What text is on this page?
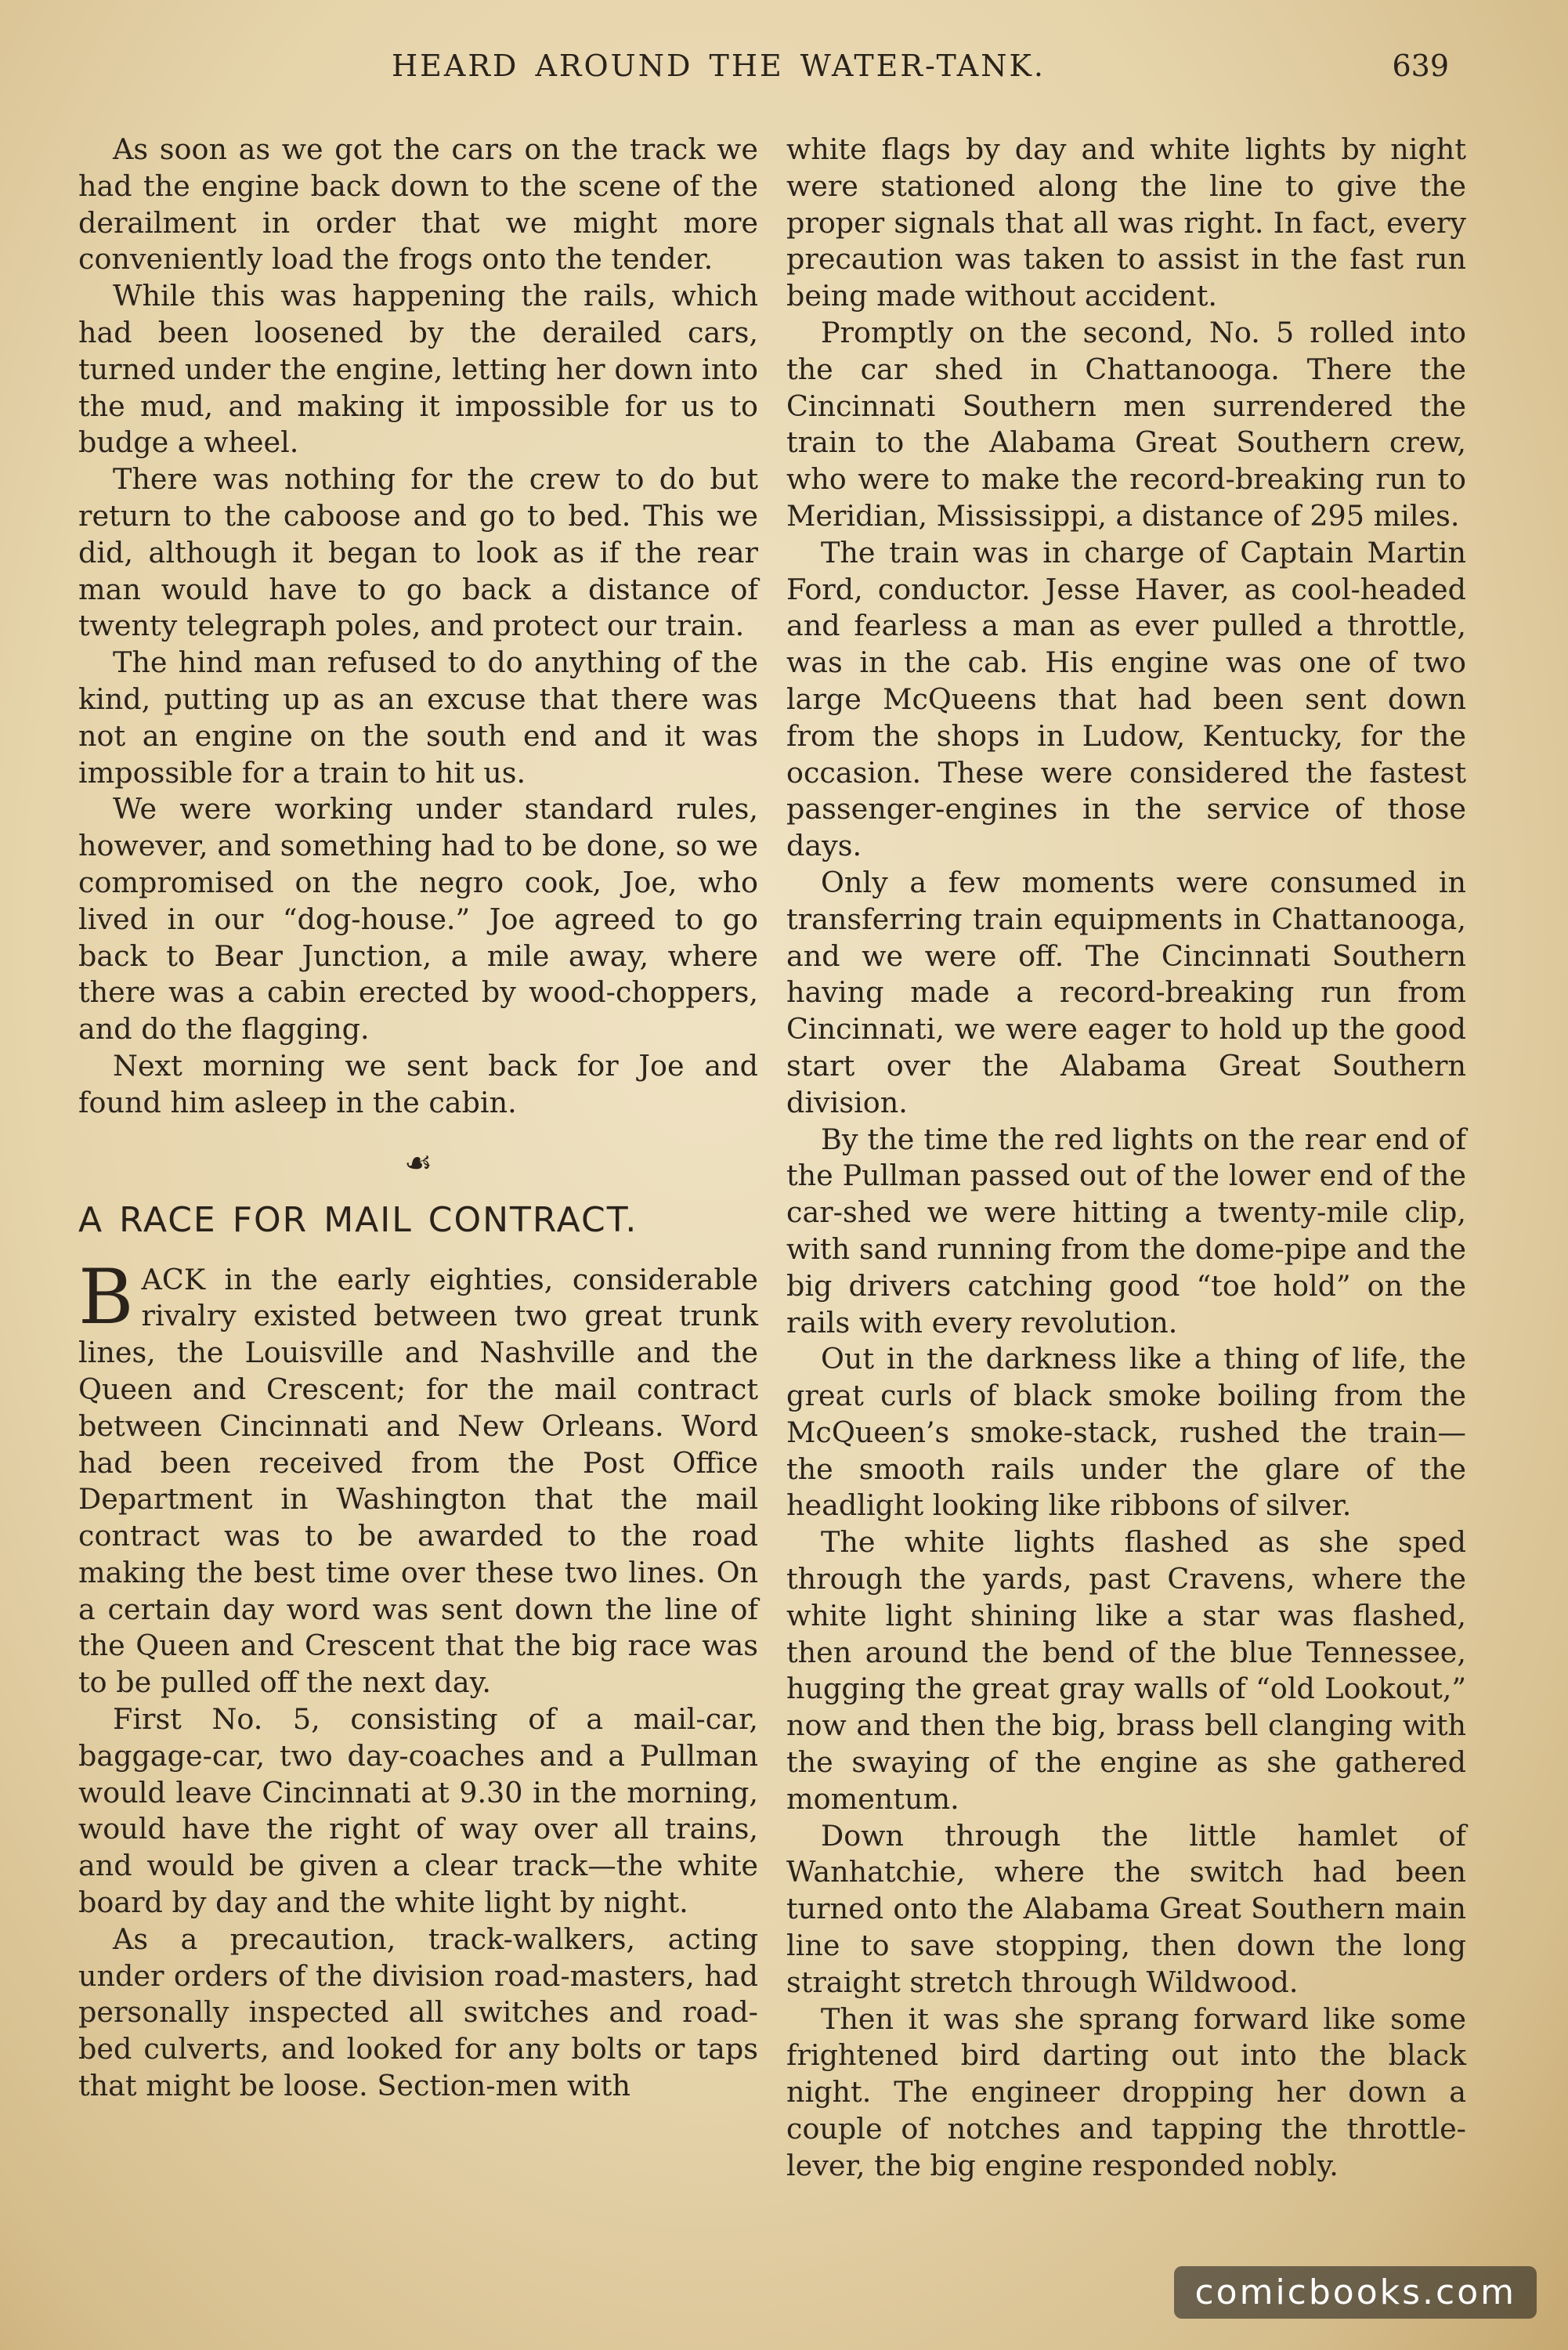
HEARD AROUND THE WATER-TANK.	639

As soon as we got the cars on the track we had the engine back down to the scene of the derailment in order that we might more conveniently load the frogs onto the tender.

While this was happening the rails, which had been loosened by the derailed cars, turned under the engine, letting her down into the mud, and making it impossible for us to budge a wheel.

There was nothing for the crew to do but return to the caboose and go to bed. This we did, although it began to look as if the rear man would have to go back a distance of twenty telegraph poles, and protect our train.

The hind man refused to do anything of the kind, putting up as an excuse that there was not an engine on the south end and it was impossible for a train to hit us.

We were working under standard rules, however, and something had to be done, so we compromised on the negro cook, Joe, who lived in our “dog-house.” Joe agreed to go back to Bear Junction, a mile away, where there was a cabin erected by wood-choppers, and do the flagging.

Next morning we sent back for Joe and found him asleep in the cabin.

☙
A RACE FOR MAIL CONTRACT.

BACK in the early eighties, considerable rivalry existed between two great trunk lines, the Louisville and Nashville and the Queen and Crescent; for the mail contract between Cincinnati and New Orleans. Word had been received from the Post Office Department in Washington that the mail contract was to be awarded to the road making the best time over these two lines. On a certain day word was sent down the line of the Queen and Crescent that the big race was to be pulled off the next day.

First No. 5, consisting of a mail-car, baggage-car, two day-coaches and a Pullman would leave Cincinnati at 9.30 in the morning, would have the right of way over all trains, and would be given a clear track—the white board by day and the white light by night.

As a precaution, track-walkers, acting under orders of the division road-masters, had personally inspected all switches and road-bed culverts, and looked for any bolts or taps that might be loose. Section-men with

white flags by day and white lights by night were stationed along the line to give the proper signals that all was right. In fact, every precaution was taken to assist in the fast run being made without accident.

Promptly on the second, No. 5 rolled into the car shed in Chattanooga. There the Cincinnati Southern men surrendered the train to the Alabama Great Southern crew, who were to make the record-breaking run to Meridian, Mississippi, a distance of 295 miles.

The train was in charge of Captain Martin Ford, conductor. Jesse Haver, as cool-headed and fearless a man as ever pulled a throttle, was in the cab. His engine was one of two large McQueens that had been sent down from the shops in Ludow, Kentucky, for the occasion. These were considered the fastest passenger-engines in the service of those days.

Only a few moments were consumed in transferring train equipments in Chattanooga, and we were off. The Cincinnati Southern having made a record-breaking run from Cincinnati, we were eager to hold up the good start over the Alabama Great Southern division.

By the time the red lights on the rear end of the Pullman passed out of the lower end of the car-shed we were hitting a twenty-mile clip, with sand running from the dome-pipe and the big drivers catching good “toe hold” on the rails with every revolution.

Out in the darkness like a thing of life, the great curls of black smoke boiling from the McQueen’s smoke-stack, rushed the train—the smooth rails under the glare of the headlight looking like ribbons of silver.

The white lights flashed as she sped through the yards, past Cravens, where the white light shining like a star was flashed, then around the bend of the blue Tennessee, hugging the great gray walls of “old Lookout,” now and then the big, brass bell clanging with the swaying of the engine as she gathered momentum.

Down through the little hamlet of Wanhatchie, where the switch had been turned onto the Alabama Great Southern main line to save stopping, then down the long straight stretch through Wildwood.

Then it was she sprang forward like some frightened bird darting out into the black night. The engineer dropping her down a couple of notches and tapping the throttle-lever, the big engine responded nobly.

comicbooks.com
